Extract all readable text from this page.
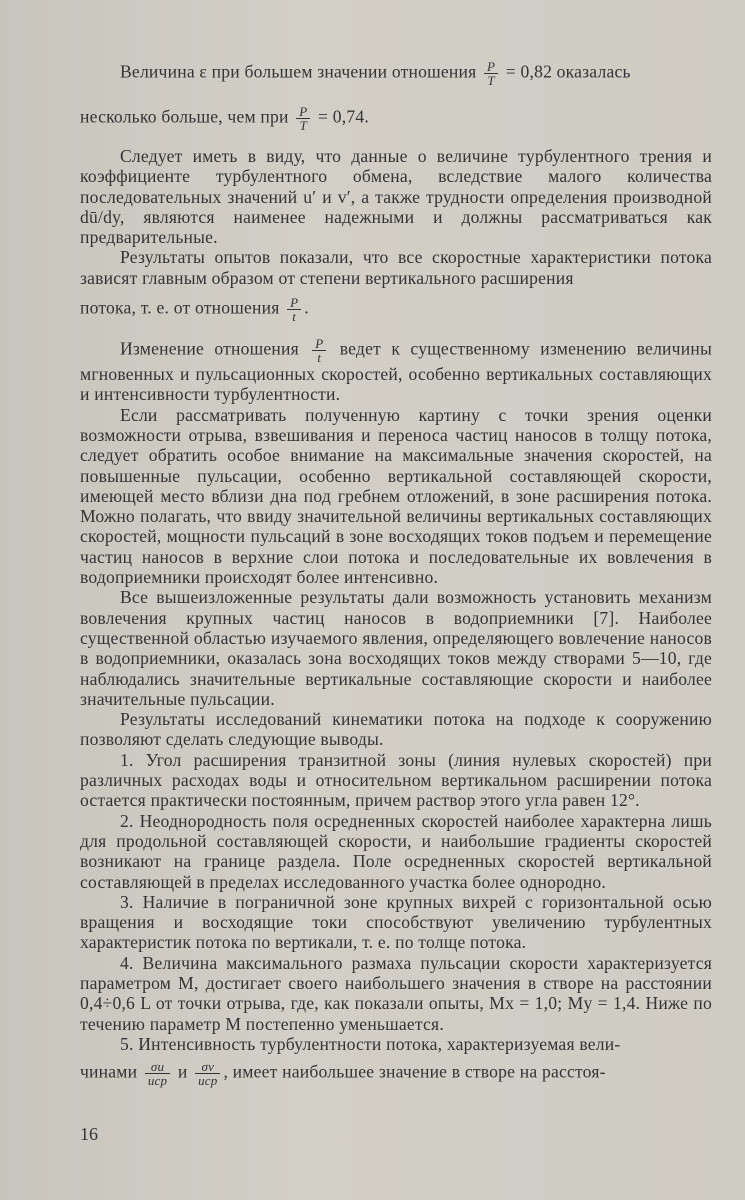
Величина ε при большем значении отношения $\frac{P}{T} = 0,82$ оказалась

несколько больше, чем при $\frac{P}{T} = 0,74$.

Следует иметь в виду, что данные о величине турбулентного трения и коэффициенте турбулентного обмена, вследствие малого количества последовательных значений u′ и v′, а также трудности определения производной dū/dy, являются наименее надежными и должны рассматриваться как предварительные.

Результаты опытов показали, что все скоростные характеристики потока зависят главным образом от степени вертикального расширения

потока, т. е. от отношения $\frac{P}{t}$ .

Изменение отношения $\frac{P}{t}$ ведет к существенному изменению величины мгновенных и пульсационных скоростей, особенно вертикальных составляющих и интенсивности турбулентности.

Если рассматривать полученную картину с точки зрения оценки возможности отрыва, взвешивания и переноса частиц наносов в толщу потока, следует обратить особое внимание на максимальные значения скоростей, на повышенные пульсации, особенно вертикальной составляющей скорости, имеющей место вблизи дна под гребнем отложений, в зоне расширения потока. Можно полагать, что ввиду значительной величины вертикальных составляющих скоростей, мощности пульсаций в зоне восходящих токов подъем и перемещение частиц наносов в верхние слои потока и последовательные их вовлечения в водоприемники происходят более интенсивно.

Все вышеизложенные результаты дали возможность установить механизм вовлечения крупных частиц наносов в водоприемники [7]. Наиболее существенной областью изучаемого явления, определяющего вовлечение наносов в водоприемники, оказалась зона восходящих токов между створами 5—10, где наблюдались значительные вертикальные составляющие скорости и наиболее значительные пульсации.

Результаты исследований кинематики потока на подходе к сооружению позволяют сделать следующие выводы.

1. Угол расширения транзитной зоны (линия нулевых скоростей) при различных расходах воды и относительном вертикальном расширении потока остается практически постоянным, причем раствор этого угла равен 12°.

2. Неоднородность поля осредненных скоростей наиболее характерна лишь для продольной составляющей скорости, и наибольшие градиенты скоростей возникают на границе раздела. Поле осредненных скоростей вертикальной составляющей в пределах исследованного участка более однородно.

3. Наличие в пограничной зоне крупных вихрей с горизонтальной осью вращения и восходящие токи способствуют увеличению турбулентных характеристик потока по вертикали, т. е. по толще потока.

4. Величина максимального размаха пульсации скорости характеризуется параметром M, достигает своего наибольшего значения в створе на расстоянии 0,4÷0,6 L от точки отрыва, где, как показали опыты, Mx = 1,0; My = 1,4. Ниже по течению параметр M постепенно уменьшается.

5. Интенсивность турбулентности потока, характеризуемая вели-

чинами $\frac{\sigma u}{\text{uср}}$ и $\frac{\sigma v}{\text{uср}}$ , имеет наибольшее значение в створе на расстоя-

16
